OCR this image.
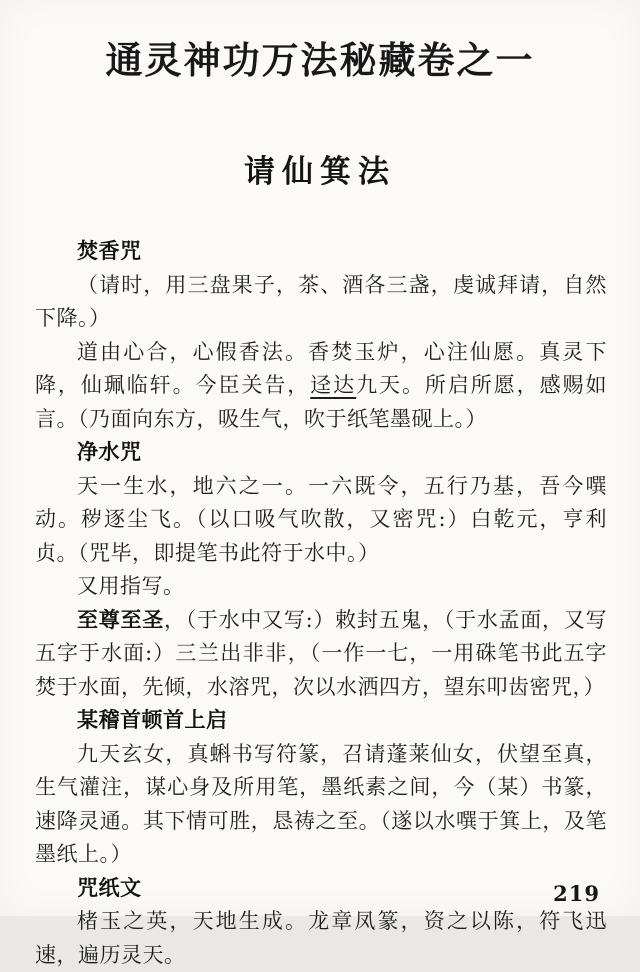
通灵神功万法秘藏卷之一
请仙箕法

焚香咒

（请时，用三盘果子，茶、酒各三盏，虔诚拜请，自然下降。）

道由心合，心假香法。香焚玉炉，心注仙愿。真灵下降，仙珮临轩。今臣关告，迳达九天。所启所愿，感赐如言。（乃面向东方，吸生气，吹于纸笔墨砚上。）

净水咒

天一生水，地六之一。一六既令，五行乃基，吾今噀动。秽逐尘飞。（以口吸气吹散，又密咒:）白乾元，亨利贞。（咒毕，即提笔书此符于水中。）

又用指写。

至尊至圣，（于水中又写:）敕封五鬼，（于水孟面，又写五字于水面:）三兰出非非，（一作一七，一用硃笔书此五字焚于水面，先倾，水溶咒，次以水洒四方，望东叩齿密咒，）

某稽首顿首上启

九天玄女，真蝌书写符篆，召请蓬莱仙女，伏望至真，生气灌注，谋心身及所用笔，墨纸素之间，今（某）书篆，速降灵通。其下情可胜，恳祷之至。（遂以水噀于箕上，及笔墨纸上。）

咒纸文

楮玉之英，天地生成。龙章凤篆，资之以陈，符飞迅速，遍历灵天。

219
